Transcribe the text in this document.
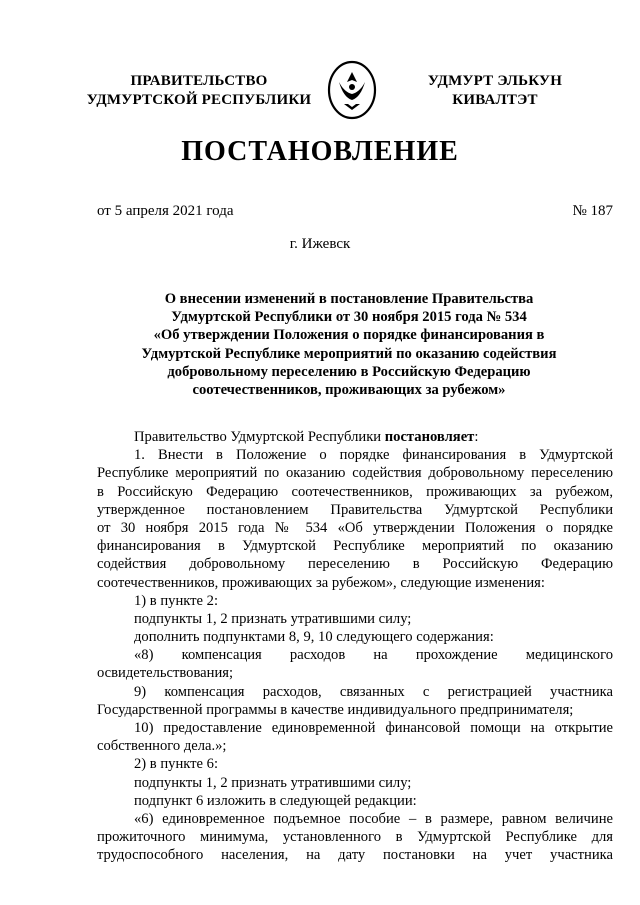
ПРАВИТЕЛЬСТВО
УДМУРТСКОЙ РЕСПУБЛИКИ
УДМУРТ ЭЛЬКУН
КИВАЛТЭТ
ПОСТАНОВЛЕНИЕ
от 5 апреля 2021 года	№ 187
г. Ижевск
О внесении изменений в постановление Правительства
Удмуртской Республики от 30 ноября 2015 года № 534
«Об утверждении Положения о порядке финансирования в
Удмуртской Республике мероприятий по оказанию содействия
добровольному переселению в Российскую Федерацию
соотечественников, проживающих за рубежом»
Правительство Удмуртской Республики постановляет:
1. Внести в Положение о порядке финансирования в Удмуртской
Республике мероприятий по оказанию содействия добровольному переселению
в Российскую Федерацию соотечественников, проживающих за рубежом,
утвержденное постановлением Правительства Удмуртской Республики
от 30 ноября 2015 года № 534 «Об утверждении Положения о порядке
финансирования в Удмуртской Республике мероприятий по оказанию
содействия добровольному переселению в Российскую Федерацию
соотечественников, проживающих за рубежом», следующие изменения:
1) в пункте 2:
подпункты 1, 2 признать утратившими силу;
дополнить подпунктами 8, 9, 10 следующего содержания:
«8) компенсация расходов на прохождение медицинского
освидетельствования;
9) компенсация расходов, связанных с регистрацией участника
Государственной программы в качестве индивидуального предпринимателя;
10) предоставление единовременной финансовой помощи на открытие
собственного дела.»;
2) в пункте 6:
подпункты 1, 2 признать утратившими силу;
подпункт 6 изложить в следующей редакции:
«6) единовременное подъемное пособие – в размере, равном величине
прожиточного минимума, установленного в Удмуртской Республике для
трудоспособного населения, на дату постановки на учет участника
